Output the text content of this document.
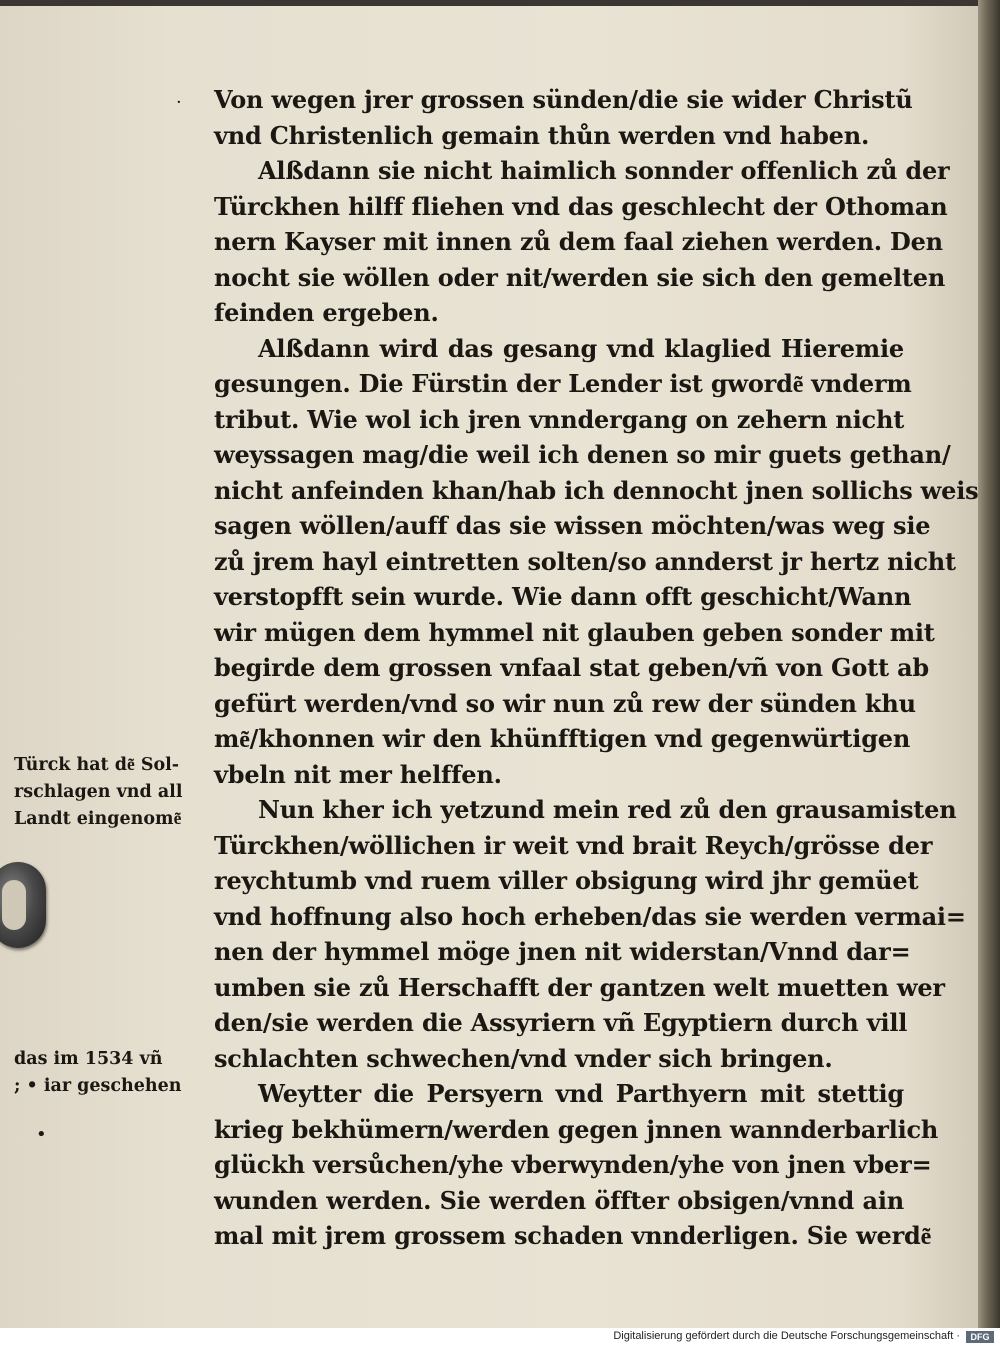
· Von wegen jrer grossen sünden/die sie wider Christũ
vnd Christenlich gemain thůn werden vnd haben.
Alßdann sie nicht haimlich sonnder offenlich zů der
Türckhen hilff fliehen vnd das geschlecht der Othoman
nern Kayser mit innen zů dem faal ziehen werden. Den
nocht sie wöllen oder nit/werden sie sich den gemelten
feinden ergeben.
Alßdann wird das gesang vnd klaglied Hieremie
gesungen. Die Fürstin der Lender ist gworde͂ vnderm
tribut. Wie wol ich jren vnndergang on zehern nicht
weyssagen mag/die weil ich denen so mir guets gethan/
nicht anfeinden khan/hab ich dennocht jnen sollichs weis
sagen wöllen/auff das sie wissen möchten/was weg sie
zů jrem hayl eintretten solten/so annderst jr hertz nicht
verstopfft sein wurde. Wie dann offt geschicht/Wann
wir mügen dem hymmel nit glauben geben sonder mit
begirde dem grossen vnfaal stat geben/vñ von Gott ab
gefürt werden/vnd so wir nun zů rew der sünden khu
me͂/khonnen wir den khünfftigen vnd gegenwürtigen
vbeln nit mer helffen.
Nun kher ich yetzund mein red zů den grausamisten
Türckhen/wöllichen ir weit vnd brait Reych/grösse der
reychtumb vnd ruem viller obsigung wird jhr gemüet
vnd hoffnung also hoch erheben/das sie werden vermai=
nen der hymmel möge jnen nit widerstan/Vnnd dar=
umben sie zů Herschafft der gantzen welt muetten wer
den/sie werden die Assyriern vñ Egyptiern durch vill
schlachten schwechen/vnd vnder sich bringen.
Weytter die Persyern vnd Parthyern mit stettig
krieg bekhümern/werden gegen jnnen wannderbarlich
glückh versůchen/yhe vberwynden/yhe von jnen vber=
wunden werden. Sie werden öffter obsigen/vnnd ain
mal mit jrem grossem schaden vnnderligen. Sie werde͂
Türck hat de͂ Sol-
rschlagen vnd all
Landt eingenome͂
das im 1534 vñ
; • iar geschehen
•
Digitalisierung gefördert durch die Deutsche Forschungsgemeinschaft ·	DFG
